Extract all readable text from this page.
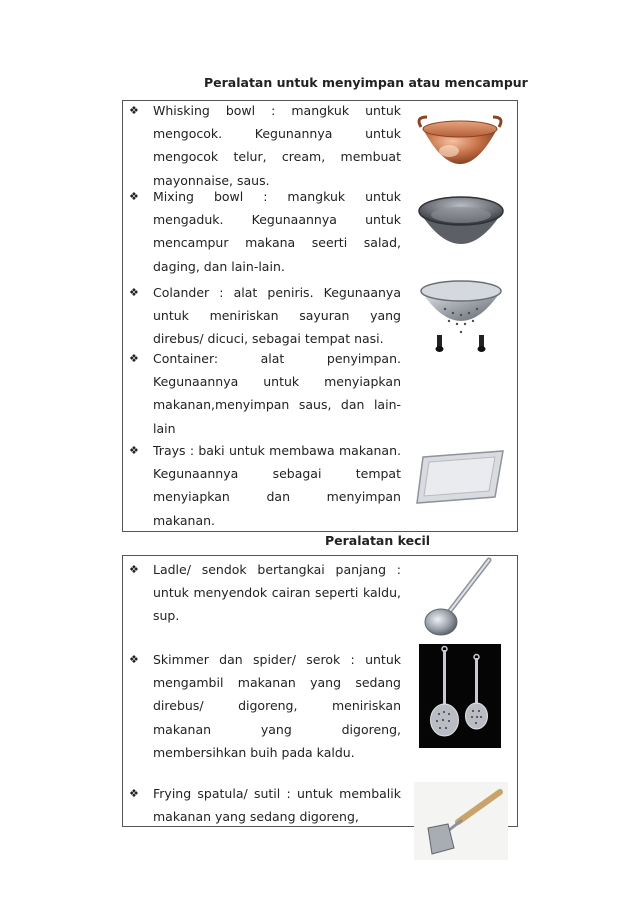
Peralatan untuk menyimpan atau mencampur
❖	Whisking bowl : mangkuk untuk mengocok. Kegunannya untuk mengocok telur, cream, membuat mayonnaise, saus.
❖	Mixing bowl : mangkuk untuk mengaduk. Kegunaannya untuk mencampur makana seerti salad, daging, dan lain-lain.
❖	Colander : alat peniris. Kegunaanya untuk meniriskan sayuran yang direbus/ dicuci, sebagai tempat nasi.
❖	Container: alat penyimpan. Kegunaannya untuk menyiapkan makanan,menyimpan saus, dan lain-lain
❖	Trays : baki untuk membawa makanan. Kegunaannya sebagai tempat menyiapkan dan menyimpan makanan.
Peralatan kecil
❖	Ladle/ sendok bertangkai panjang : untuk menyendok cairan seperti kaldu, sup.
❖	Skimmer dan spider/ serok : untuk mengambil makanan yang sedang direbus/ digoreng, meniriskan makanan yang digoreng, membersihkan buih pada kaldu.
❖	Frying spatula/ sutil : untuk membalik makanan yang sedang digoreng,
